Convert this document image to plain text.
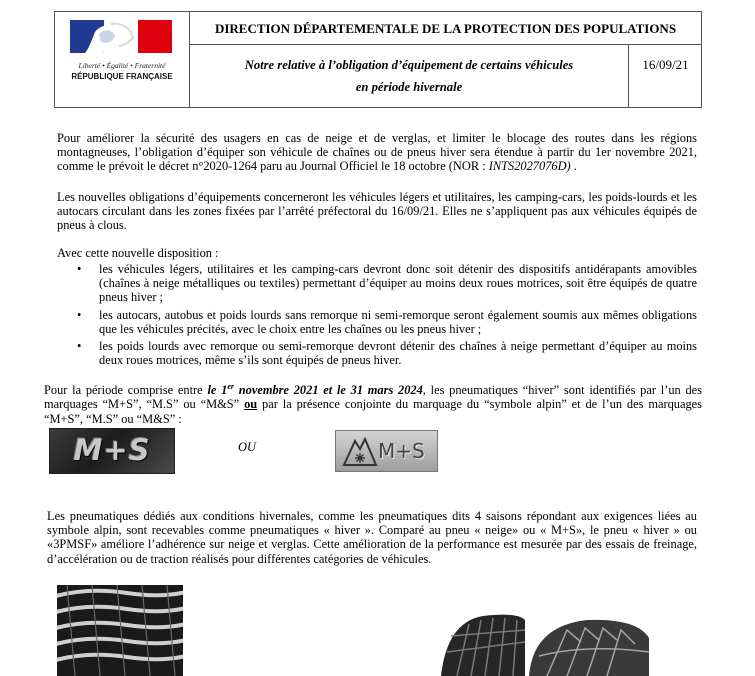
Liberté • Égalité • Fraternité
RÉPUBLIQUE FRANÇAISE
DIRECTION DÉPARTEMENTALE DE LA PROTECTION DES POPULATIONS
Notre relative à l’obligation d’équipement de certains véhicules
en période hivernale
16/09/21
Pour améliorer la sécurité des usagers en cas de neige et de verglas, et limiter le blocage des routes dans les régions montagneuses, l’obligation d’équiper son véhicule de chaînes ou de pneus hiver sera étendue à partir du 1er novembre 2021, comme le prévoit le décret n°2020-1264 paru au Journal Officiel le 18 octobre (NOR : INTS2027076D) .
Les nouvelles obligations d’équipements concerneront les véhicules légers et utilitaires, les camping-cars, les poids-lourds et les autocars circulant dans les zones fixées par l’arrêté préfectoral du 16/09/21. Elles ne s’appliquent pas aux véhicules équipés de pneus à clous.
Avec cette nouvelle disposition :
• les véhicules légers, utilitaires et les camping-cars devront donc soit détenir des dispositifs antidérapants amovibles (chaînes à neige métalliques ou textiles) permettant d’équiper au moins deux roues motrices, soit être équipés de quatre pneus hiver ;
• les autocars, autobus et poids lourds sans remorque ni semi-remorque seront également soumis aux mêmes obligations que les véhicules précités, avec le choix entre les chaînes ou les pneus hiver ;
• les poids lourds avec remorque ou semi-remorque devront détenir des chaînes à neige permettant d’équiper au moins deux roues motrices, même s’ils sont équipés de pneus hiver.
Pour la période comprise entre le 1er novembre 2021 et le 31 mars 2024, les pneumatiques “hiver” sont identifiés par l’un des marquages “M+S”, “M.S” ou “M&S” ou par la présence conjointe du marquage du “symbole alpin” et de l’un des marquages “M+S”, “M.S” ou “M&S” :
M+S	OU	M+S
Les pneumatiques dédiés aux conditions hivernales, comme les pneumatiques dits 4 saisons répondant aux exigences liées au symbole alpin, sont recevables comme pneumatiques « hiver ». Comparé au pneu « neige» ou « M+S», le pneu « hiver » ou «3PMSF» améliore l’adhérence sur neige et verglas. Cette amélioration de la performance est mesurée par des essais de freinage, d’accélération ou de traction réalisés pour différentes catégories de véhicules.
